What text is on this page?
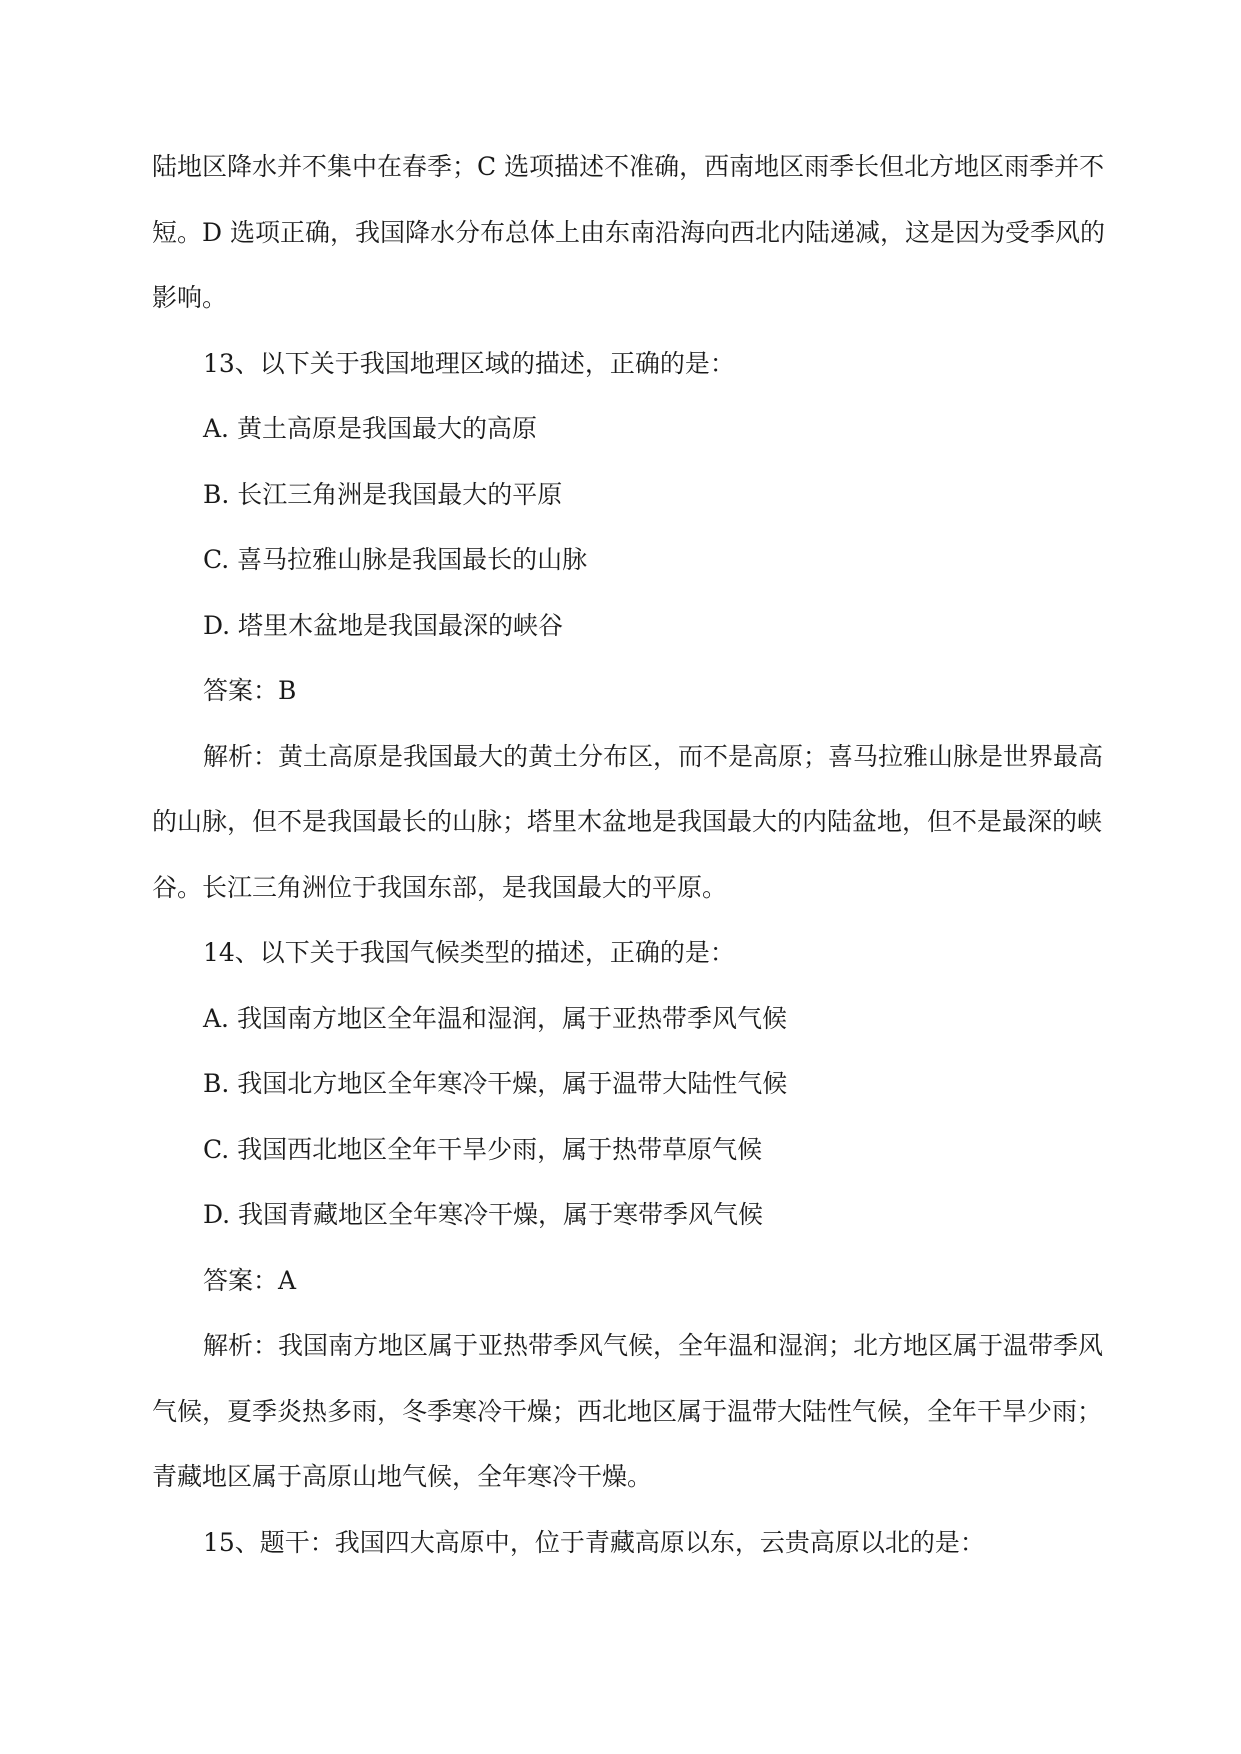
陆地区降水并不集中在春季；C 选项描述不准确，西南地区雨季长但北方地区雨季并不
短。D 选项正确，我国降水分布总体上由东南沿海向西北内陆递减，这是因为受季风的
影响。
13、以下关于我国地理区域的描述，正确的是：
A. 黄土高原是我国最大的高原
B. 长江三角洲是我国最大的平原
C. 喜马拉雅山脉是我国最长的山脉
D. 塔里木盆地是我国最深的峡谷
答案：B
解析：黄土高原是我国最大的黄土分布区，而不是高原；喜马拉雅山脉是世界最高
的山脉，但不是我国最长的山脉；塔里木盆地是我国最大的内陆盆地，但不是最深的峡
谷。长江三角洲位于我国东部，是我国最大的平原。
14、以下关于我国气候类型的描述，正确的是：
A. 我国南方地区全年温和湿润，属于亚热带季风气候
B. 我国北方地区全年寒冷干燥，属于温带大陆性气候
C. 我国西北地区全年干旱少雨，属于热带草原气候
D. 我国青藏地区全年寒冷干燥，属于寒带季风气候
答案：A
解析：我国南方地区属于亚热带季风气候，全年温和湿润；北方地区属于温带季风
气候，夏季炎热多雨，冬季寒冷干燥；西北地区属于温带大陆性气候，全年干旱少雨；
青藏地区属于高原山地气候，全年寒冷干燥。
15、题干：我国四大高原中，位于青藏高原以东，云贵高原以北的是：
